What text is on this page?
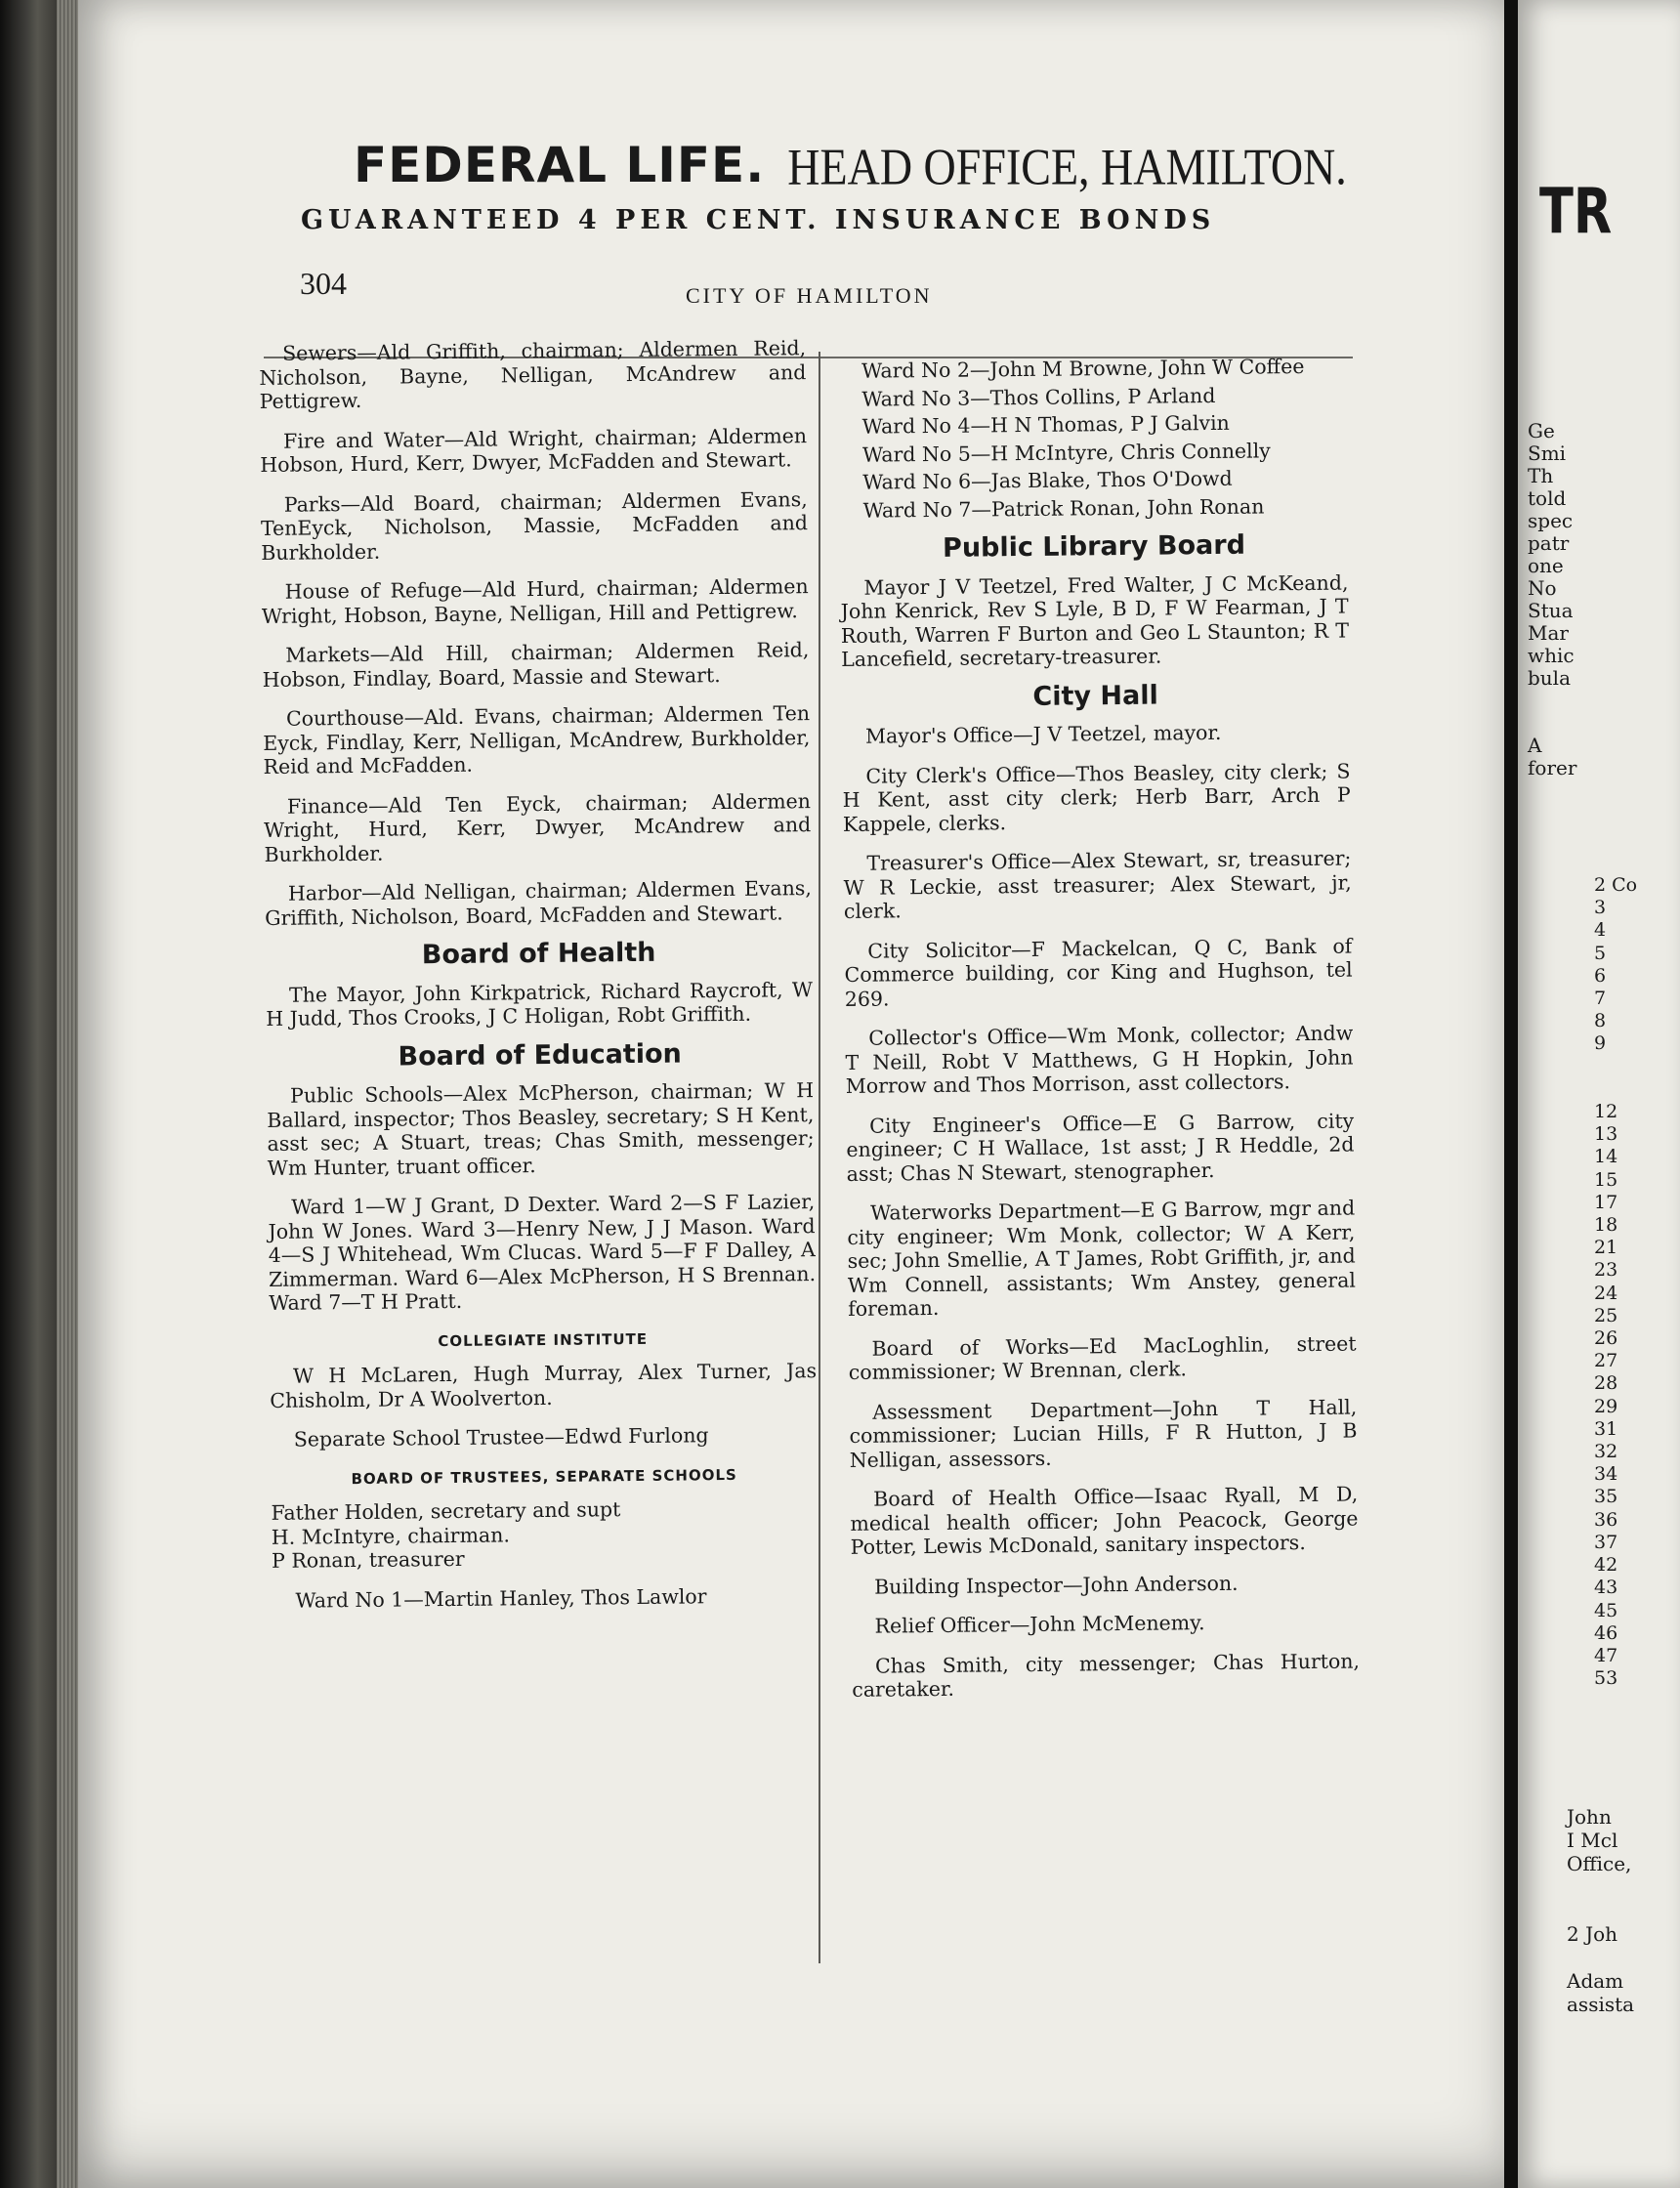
FEDERAL LIFE. HEAD OFFICE, HAMILTON.
GUARANTEED 4 PER CENT. INSURANCE BONDS
304	CITY OF HAMILTON

Sewers—Ald Griffith, chairman; Aldermen Reid, Nicholson, Bayne, Nelligan, McAndrew and Pettigrew.

Fire and Water—Ald Wright, chairman; Aldermen Hobson, Hurd, Kerr, Dwyer, McFadden and Stewart.

Parks—Ald Board, chairman; Aldermen Evans, TenEyck, Nicholson, Massie, McFadden and Burkholder.

House of Refuge—Ald Hurd, chairman; Aldermen Wright, Hobson, Bayne, Nelligan, Hill and Pettigrew.

Markets—Ald Hill, chairman; Aldermen Reid, Hobson, Findlay, Board, Massie and Stewart.

Courthouse—Ald. Evans, chairman; Aldermen Ten Eyck, Findlay, Kerr, Nelligan, McAndrew, Burkholder, Reid and McFadden.

Finance—Ald Ten Eyck, chairman; Aldermen Wright, Hurd, Kerr, Dwyer, McAndrew and Burkholder.

Harbor—Ald Nelligan, chairman; Aldermen Evans, Griffith, Nicholson, Board, McFadden and Stewart.

Board of Health

The Mayor, John Kirkpatrick, Richard Raycroft, W H Judd, Thos Crooks, J C Holigan, Robt Griffith.

Board of Education

Public Schools—Alex McPherson, chairman; W H Ballard, inspector; Thos Beasley, secretary; S H Kent, asst sec; A Stuart, treas; Chas Smith, messenger; Wm Hunter, truant officer.

Ward 1—W J Grant, D Dexter. Ward 2—S F Lazier, John W Jones. Ward 3—Henry New, J J Mason. Ward 4—S J Whitehead, Wm Clucas. Ward 5—F F Dalley, A Zimmerman. Ward 6—Alex McPherson, H S Brennan. Ward 7—T H Pratt.

COLLEGIATE INSTITUTE

W H McLaren, Hugh Murray, Alex Turner, Jas Chisholm, Dr A Woolverton.

Separate School Trustee—Edwd Furlong

BOARD OF TRUSTEES, SEPARATE SCHOOLS
Father Holden, secretary and supt
H. McIntyre, chairman.
P Ronan, treasurer

Ward No 1—Martin Hanley, Thos Lawlor

Ward No 2—John M Browne, John W Coffee

Ward No 3—Thos Collins, P Arland

Ward No 4—H N Thomas, P J Galvin

Ward No 5—H McIntyre, Chris Connelly

Ward No 6—Jas Blake, Thos O'Dowd

Ward No 7—Patrick Ronan, John Ronan

Public Library Board

Mayor J V Teetzel, Fred Walter, J C McKeand, John Kenrick, Rev S Lyle, B D, F W Fearman, J T Routh, Warren F Burton and Geo L Staunton; R T Lancefield, secretary-treasurer.

City Hall

Mayor's Office—J V Teetzel, mayor.

City Clerk's Office—Thos Beasley, city clerk; S H Kent, asst city clerk; Herb Barr, Arch P Kappele, clerks.

Treasurer's Office—Alex Stewart, sr, treasurer; W R Leckie, asst treasurer; Alex Stewart, jr, clerk.

City Solicitor—F Mackelcan, Q C, Bank of Commerce building, cor King and Hughson, tel 269.

Collector's Office—Wm Monk, collector; Andw T Neill, Robt V Matthews, G H Hopkin, John Morrow and Thos Morrison, asst collectors.

City Engineer's Office—E G Barrow, city engineer; C H Wallace, 1st asst; J R Heddle, 2d asst; Chas N Stewart, stenographer.

Waterworks Department—E G Barrow, mgr and city engineer; Wm Monk, collector; W A Kerr, sec; John Smellie, A T James, Robt Griffith, jr, and Wm Connell, assistants; Wm Anstey, general foreman.

Board of Works—Ed MacLoghlin, street commissioner; W Brennan, clerk.

Assessment Department—John T Hall, commissioner; Lucian Hills, F R Hutton, J B Nelligan, assessors.

Board of Health Office—Isaac Ryall, M D, medical health officer; John Peacock, George Potter, Lewis McDonald, sanitary inspectors.

Building Inspector—John Anderson.

Relief Officer—John McMenemy.

Chas Smith, city messenger; Chas Hurton, caretaker.

TR
Ge
Smi
Th
told
spec
patr
one
No
Stua
Mar
whic
bula

A
forer
2 Co
3
4
5
6
7
8
9

12
13
14
15
17
18
21
23
24
25
26
27
28
29
31
32
34
35
36
37
42
43
45
46
47
53
John
I Mcl
Office,

2 Joh

Adam
assista
